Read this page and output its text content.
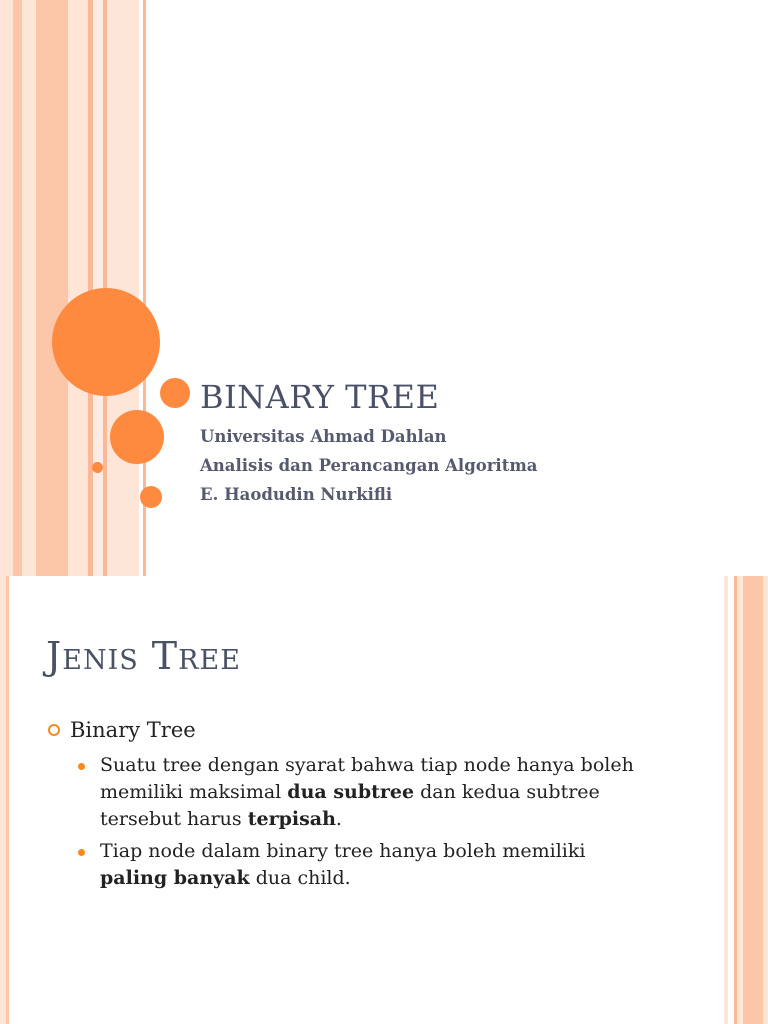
BINARY TREE
Universitas Ahmad Dahlan
Analisis dan Perancangan Algoritma
E. Haodudin Nurkifli
Jenis Tree
Binary Tree
Suatu tree dengan syarat bahwa tiap node hanya boleh memiliki maksimal dua subtree dan kedua subtree tersebut harus terpisah.
Tiap node dalam binary tree hanya boleh memiliki paling banyak dua child.
